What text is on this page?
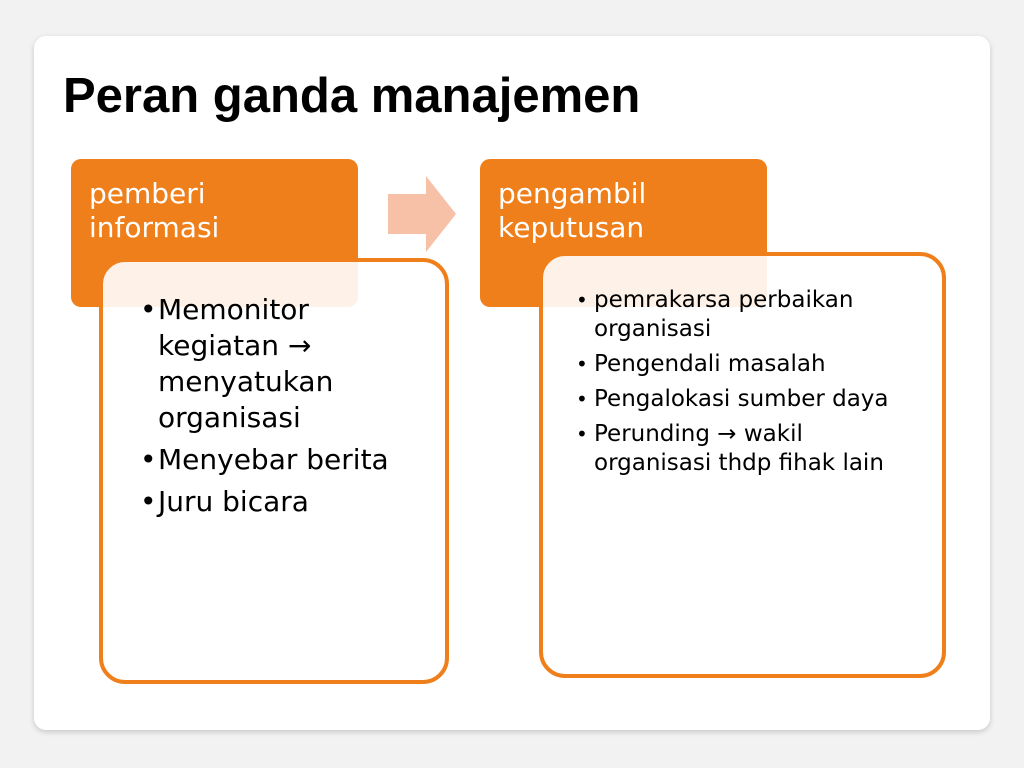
Peran ganda manajemen
pemberi
informasi
pengambil
keputusan
• Memonitor kegiatan → menyatukan organisasi
• Menyebar berita
• Juru bicara
• pemrakarsa perbaikan organisasi
• Pengendali masalah
• Pengalokasi sumber daya
• Perunding → wakil organisasi thdp fihak lain
